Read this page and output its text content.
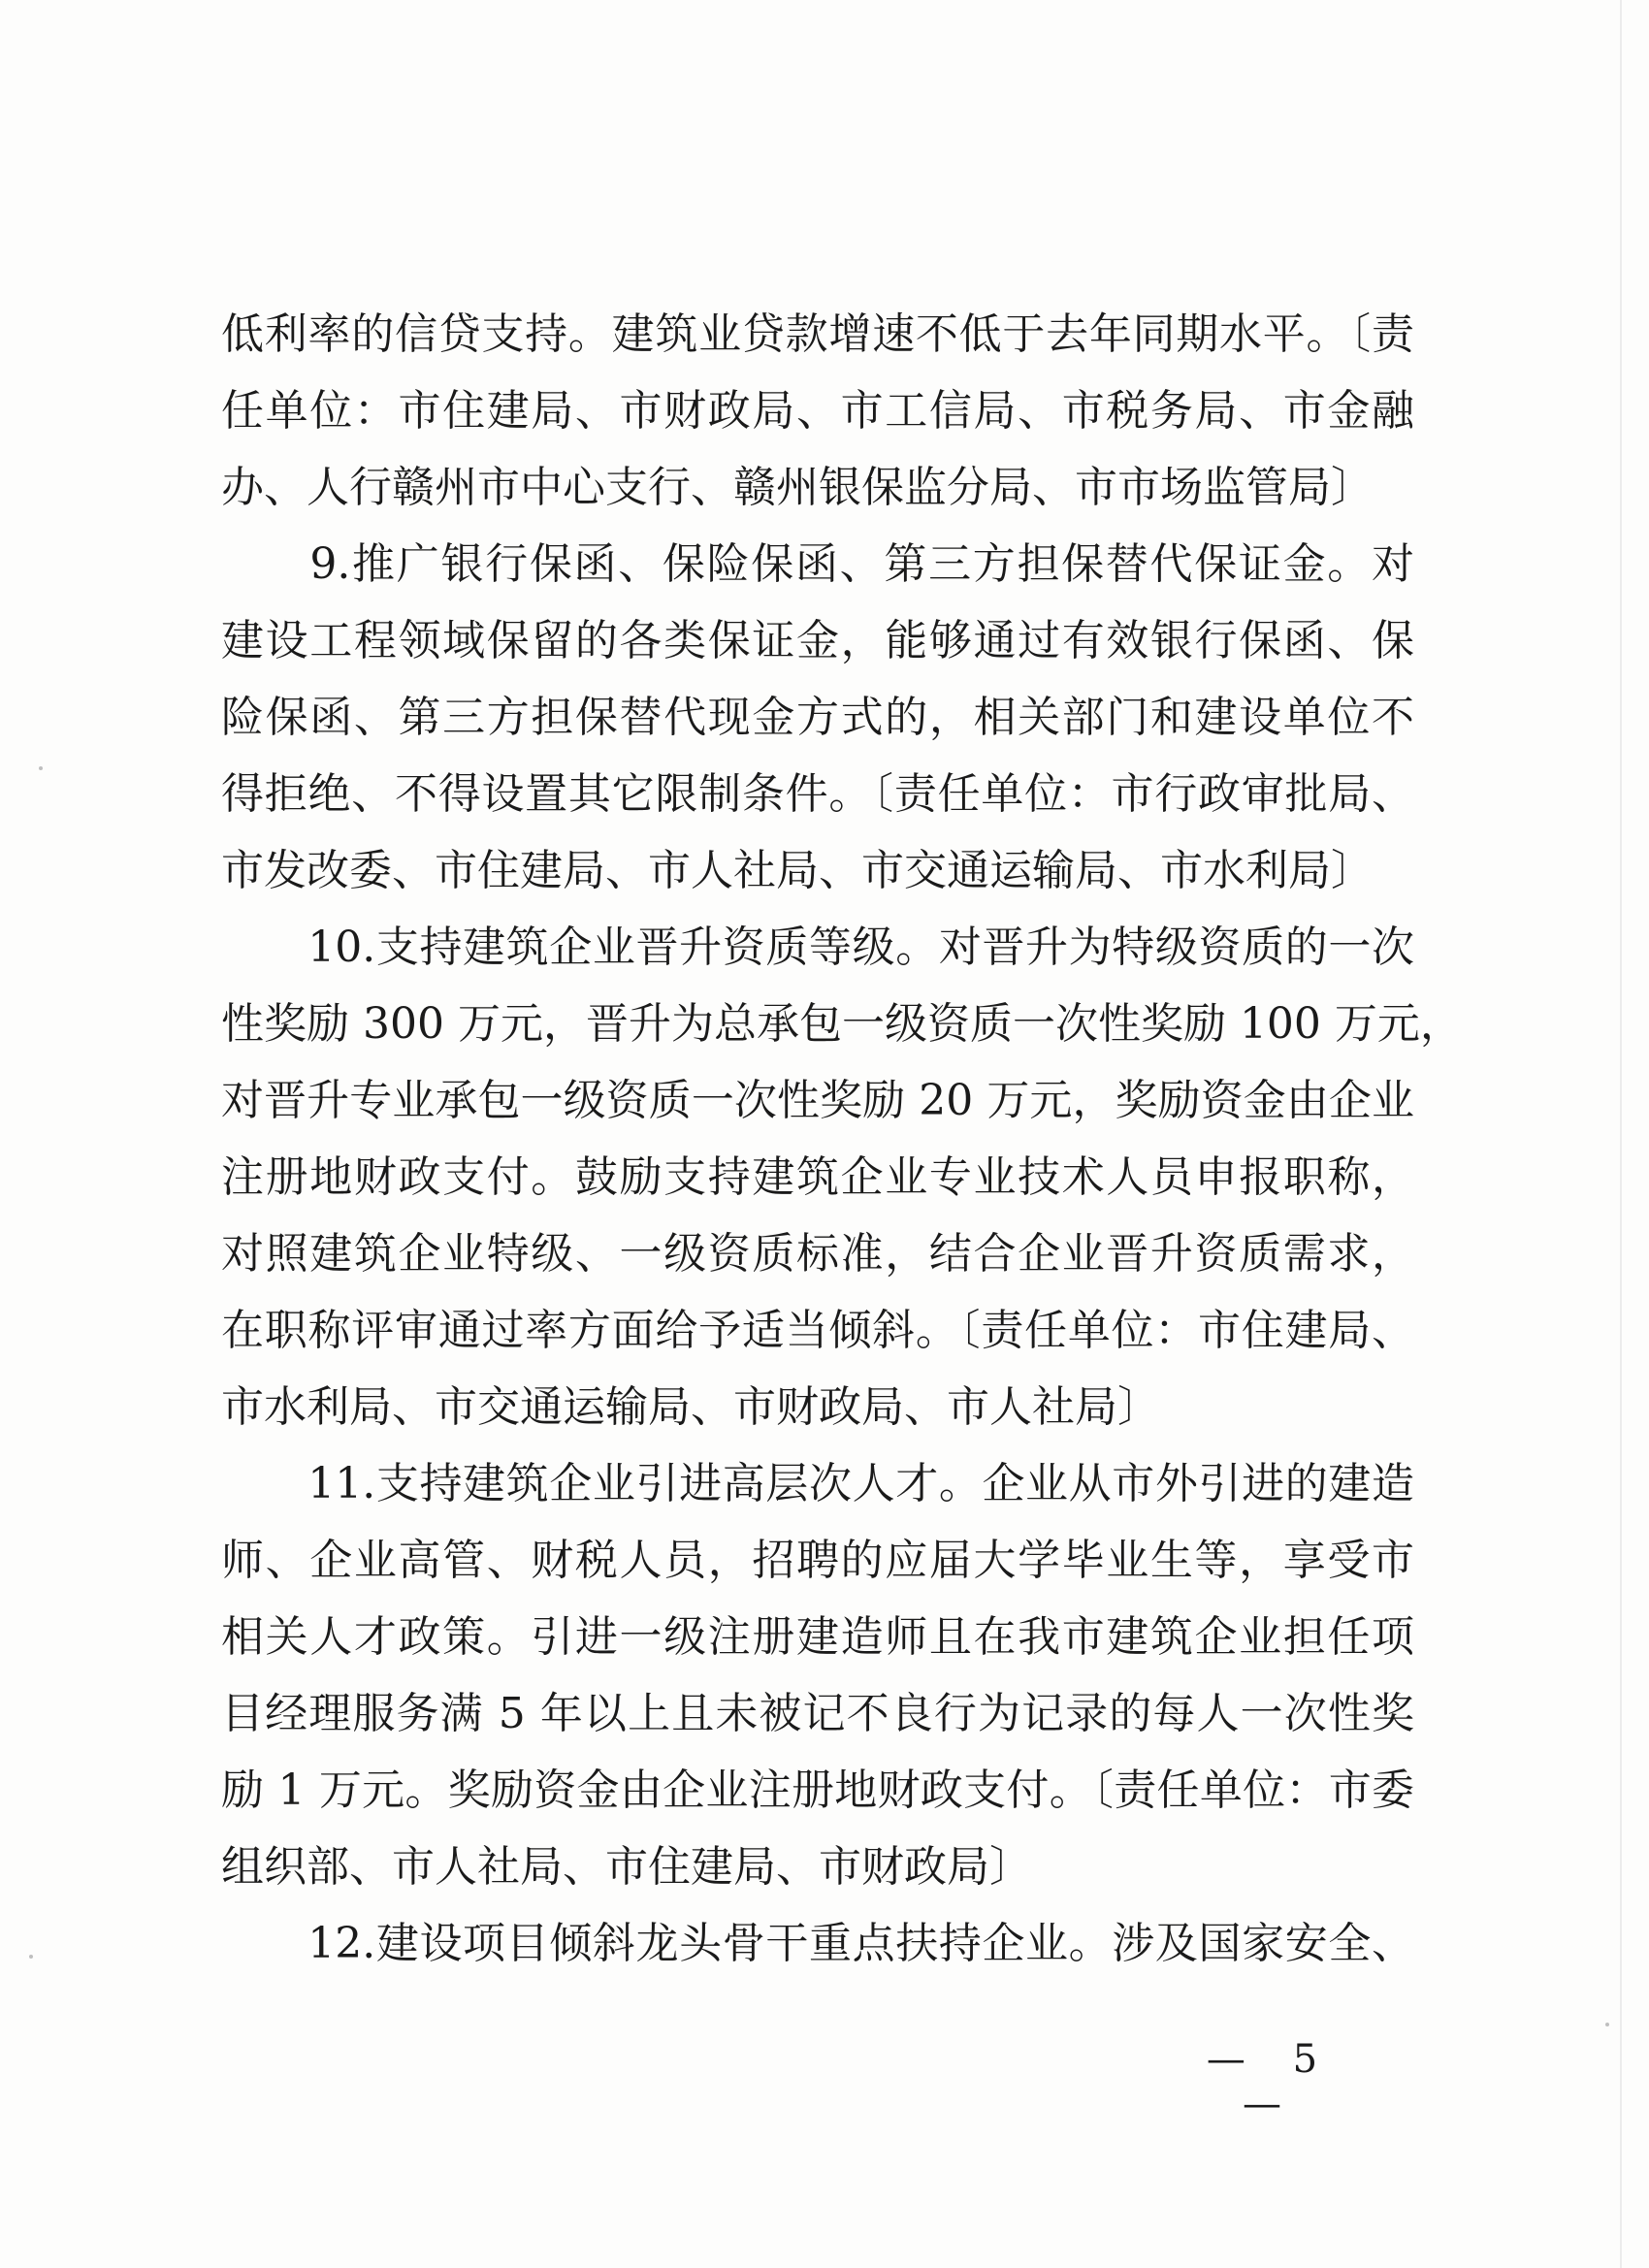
低利率的信贷支持。建筑业贷款增速不低于去年同期水平。〔责
任单位：市住建局、市财政局、市工信局、市税务局、市金融
办、人行赣州市中心支行、赣州银保监分局、市市场监管局〕
　　9.推广银行保函、保险保函、第三方担保替代保证金。对
建设工程领域保留的各类保证金，能够通过有效银行保函、保
险保函、第三方担保替代现金方式的，相关部门和建设单位不
得拒绝、不得设置其它限制条件。〔责任单位：市行政审批局、
市发改委、市住建局、市人社局、市交通运输局、市水利局〕
　　10.支持建筑企业晋升资质等级。对晋升为特级资质的一次
性奖励 300 万元，晋升为总承包一级资质一次性奖励 100 万元，
对晋升专业承包一级资质一次性奖励 20 万元，奖励资金由企业
注册地财政支付。鼓励支持建筑企业专业技术人员申报职称，
对照建筑企业特级、一级资质标准，结合企业晋升资质需求，
在职称评审通过率方面给予适当倾斜。〔责任单位：市住建局、
市水利局、市交通运输局、市财政局、市人社局〕
　　11.支持建筑企业引进高层次人才。企业从市外引进的建造
师、企业高管、财税人员，招聘的应届大学毕业生等，享受市
相关人才政策。引进一级注册建造师且在我市建筑企业担任项
目经理服务满 5 年以上且未被记不良行为记录的每人一次性奖
励 1 万元。奖励资金由企业注册地财政支付。〔责任单位：市委
组织部、市人社局、市住建局、市财政局〕
　　12.建设项目倾斜龙头骨干重点扶持企业。涉及国家安全、
— 5 —
